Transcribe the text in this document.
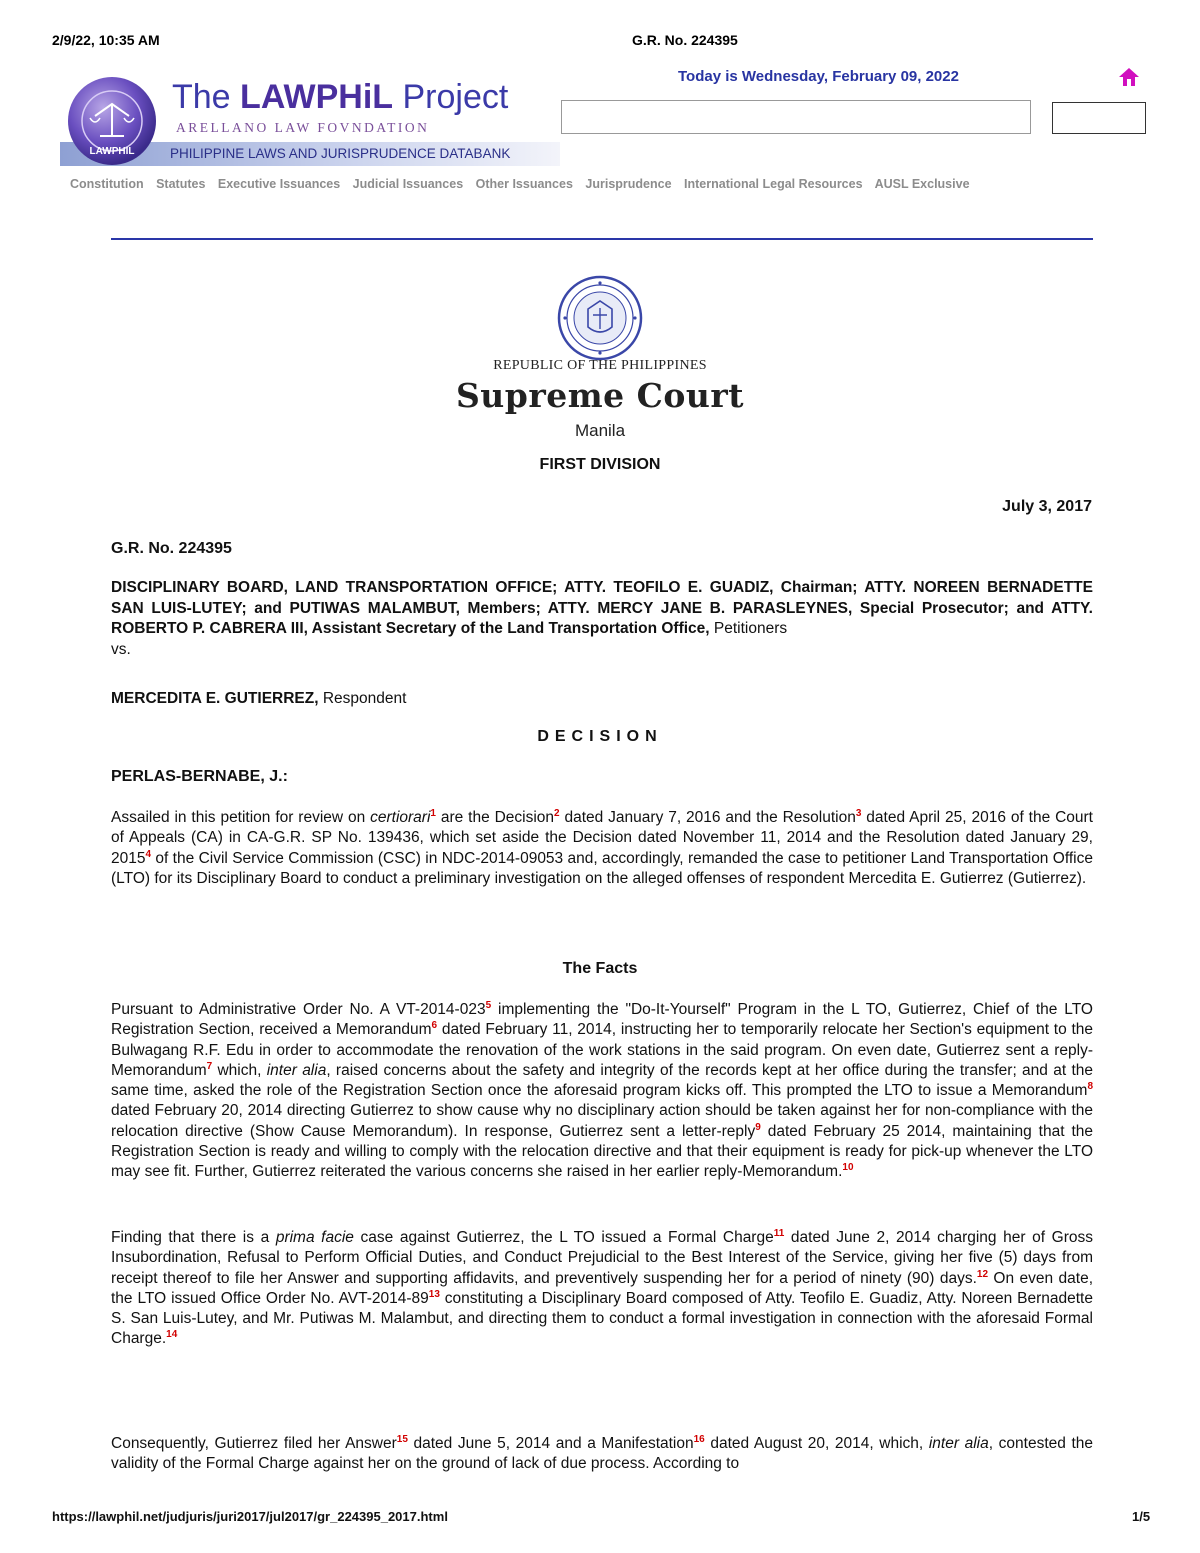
2/9/22, 10:35 AM	G.R. No. 224395
LAWPHIL
The LAWPHiL Project
ARELLANO LAW FOVNDATION
PHILIPPINE LAWS AND JURISPRUDENCE DATABANK
Today is Wednesday, February 09, 2022
Constitution Statutes Executive Issuances Judicial Issuances Other Issuances Jurisprudence International Legal Resources AUSL Exclusive
REPUBLIC OF THE PHILIPPINES
Supreme Court
Manila
FIRST DIVISION
July 3, 2017
G.R. No. 224395
DISCIPLINARY BOARD, LAND TRANSPORTATION OFFICE; ATTY. TEOFILO E. GUADIZ, Chairman; ATTY. NOREEN BERNADETTE SAN LUIS-LUTEY; and PUTIWAS MALAMBUT, Members; ATTY. MERCY JANE B. PARASLEYNES, Special Prosecutor; and ATTY. ROBERTO P. CABRERA III, Assistant Secretary of the Land Transportation Office, Petitioners
vs.
MERCEDITA E. GUTIERREZ, Respondent
DECISION
PERLAS-BERNABE, J.:
Assailed in this petition for review on certiorari$^1$ are the Decision$^2$ dated January 7, 2016 and the Resolution$^3$ dated April 25, 2016 of the Court of Appeals (CA) in CA-G.R. SP No. 139436, which set aside the Decision dated November 11, 2014 and the Resolution dated January 29, 2015$^4$ of the Civil Service Commission (CSC) in NDC-2014-09053 and, accordingly, remanded the case to petitioner Land Transportation Office (LTO) for its Disciplinary Board to conduct a preliminary investigation on the alleged offenses of respondent Mercedita E. Gutierrez (Gutierrez).
The Facts
Pursuant to Administrative Order No. A $VT-2014-023^5$ implementing the "Do-It-Yourself" Program in the L TO, Gutierrez, Chief of the LTO Registration Section, received a Memorandum$^6$ dated February 11, 2014, instructing her to temporarily relocate her Section's equipment to the Bulwagang R.F. Edu in order to accommodate the renovation of the work stations in the said program. On even date, Gutierrez sent a reply-Memorandum$^7$ which, inter alia, raised concerns about the safety and integrity of the records kept at her office during the transfer; and at the same time, asked the role of the Registration Section once the aforesaid program kicks off. This prompted the LTO to issue a Memorandum$^8$ dated February 20, 2014 directing Gutierrez to show cause why no disciplinary action should be taken against her for non-compliance with the relocation directive (Show Cause Memorandum). In response, Gutierrez sent a letter-reply$^9$ dated February 25 2014, maintaining that the Registration Section is ready and willing to comply with the relocation directive and that their equipment is ready for pick-up whenever the LTO may see fit. Further, Gutierrez reiterated the various concerns she raised in her earlier reply-Memorandum.$^{10}$
Finding that there is a prima facie case against Gutierrez, the L TO issued a Formal Charge$^{11}$ dated June 2, 2014 charging her of Gross Insubordination, Refusal to Perform Official Duties, and Conduct Prejudicial to the Best Interest of the Service, giving her five (5) days from receipt thereof to file her Answer and supporting affidavits, and preventively suspending her for a period of ninety (90) days.$^{12}$ On even date, the LTO issued Office Order No. AVT-$2014-89^{13}$ constituting a Disciplinary Board composed of Atty. Teofilo E. Guadiz, Atty. Noreen Bernadette S. San Luis-Lutey, and Mr. Putiwas M. Malambut, and directing them to conduct a formal investigation in connection with the aforesaid Formal Charge.$^{14}$
Consequently, Gutierrez filed her Answer$^{15}$ dated June 5, 2014 and a Manifestation$^{16}$ dated August 20, 2014, which, inter alia, contested the validity of the Formal Charge against her on the ground of lack of due process. According to
https://lawphil.net/judjuris/juri2017/jul2017/gr_224395_2017.html	1/5
